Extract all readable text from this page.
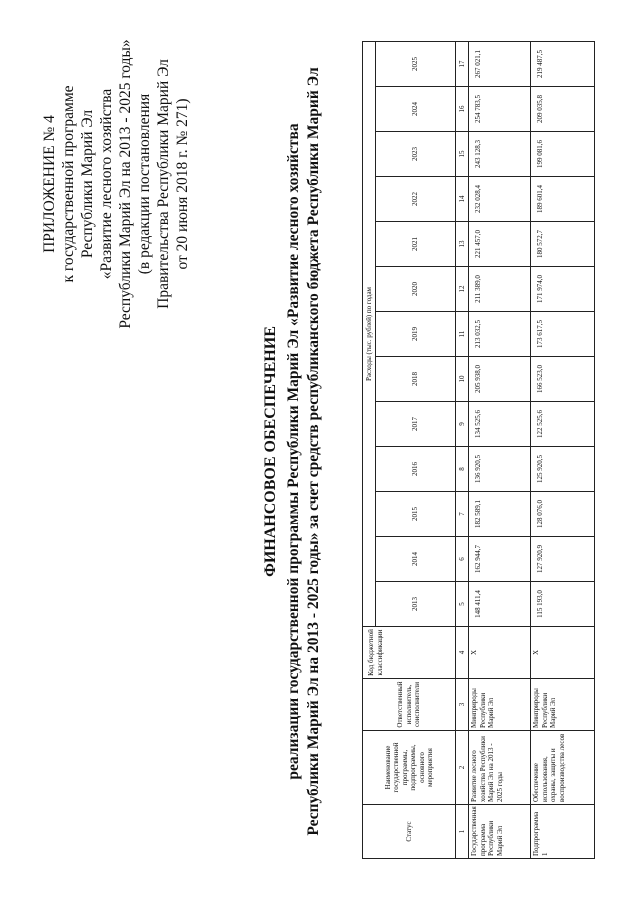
ПРИЛОЖЕНИЕ № 4 к государственной программе Республики Марий Эл «Развитие лесного хозяйства Республики Марий Эл на 2013 - 2025 годы» (в редакции постановления Правительства Республики Марий Эл от 20 июня 2018 г. № 271)
ФИНАНСОВОЕ ОБЕСПЕЧЕНИЕ реализации государственной программы Республики Марий Эл «Развитие лесного хозяйства Республики Марий Эл на 2013 - 2025 годы» за счет средств республиканского бюджета Республики Марий Эл	Статус	Наименование государственной программы, подпрограммы, основного мероприятия	Ответственный исполнитель, соисполнители	Код бюджетной классификации	Расходы (тыс. рублей) по годам												
				2013	2014	2015	2016	2017	2018	2019	2020	2021	2022	2023	2024	2025
1	2	3	4	5	6	7	8	9	10	11	12	13	14	15	16	17
Государственная программа Республики Марий Эл	Развитие лесного хозяйства Республики Марий Эл на 2013 - 2025 годы	Минприроды Республики Марий Эл	Х	148 411,4	162 944,7	182 589,1	136 920,5	134 525,6	205 938,0	213 032,5	211 389,0	221 457,0	232 028,4	243 128,3	254 783,5	267 021,1
Подпрограмма 1	Обеспечение использования, охраны, защиты и воспроизводства лесов	Минприроды Республики Марий Эл	Х	115 193,0	127 920,9	128 076,0	125 920,5	122 525,6	166 523,0	173 617,5	171 974,0	180 572,7	189 601,4	199 081,6	209 035,8	219 487,5
